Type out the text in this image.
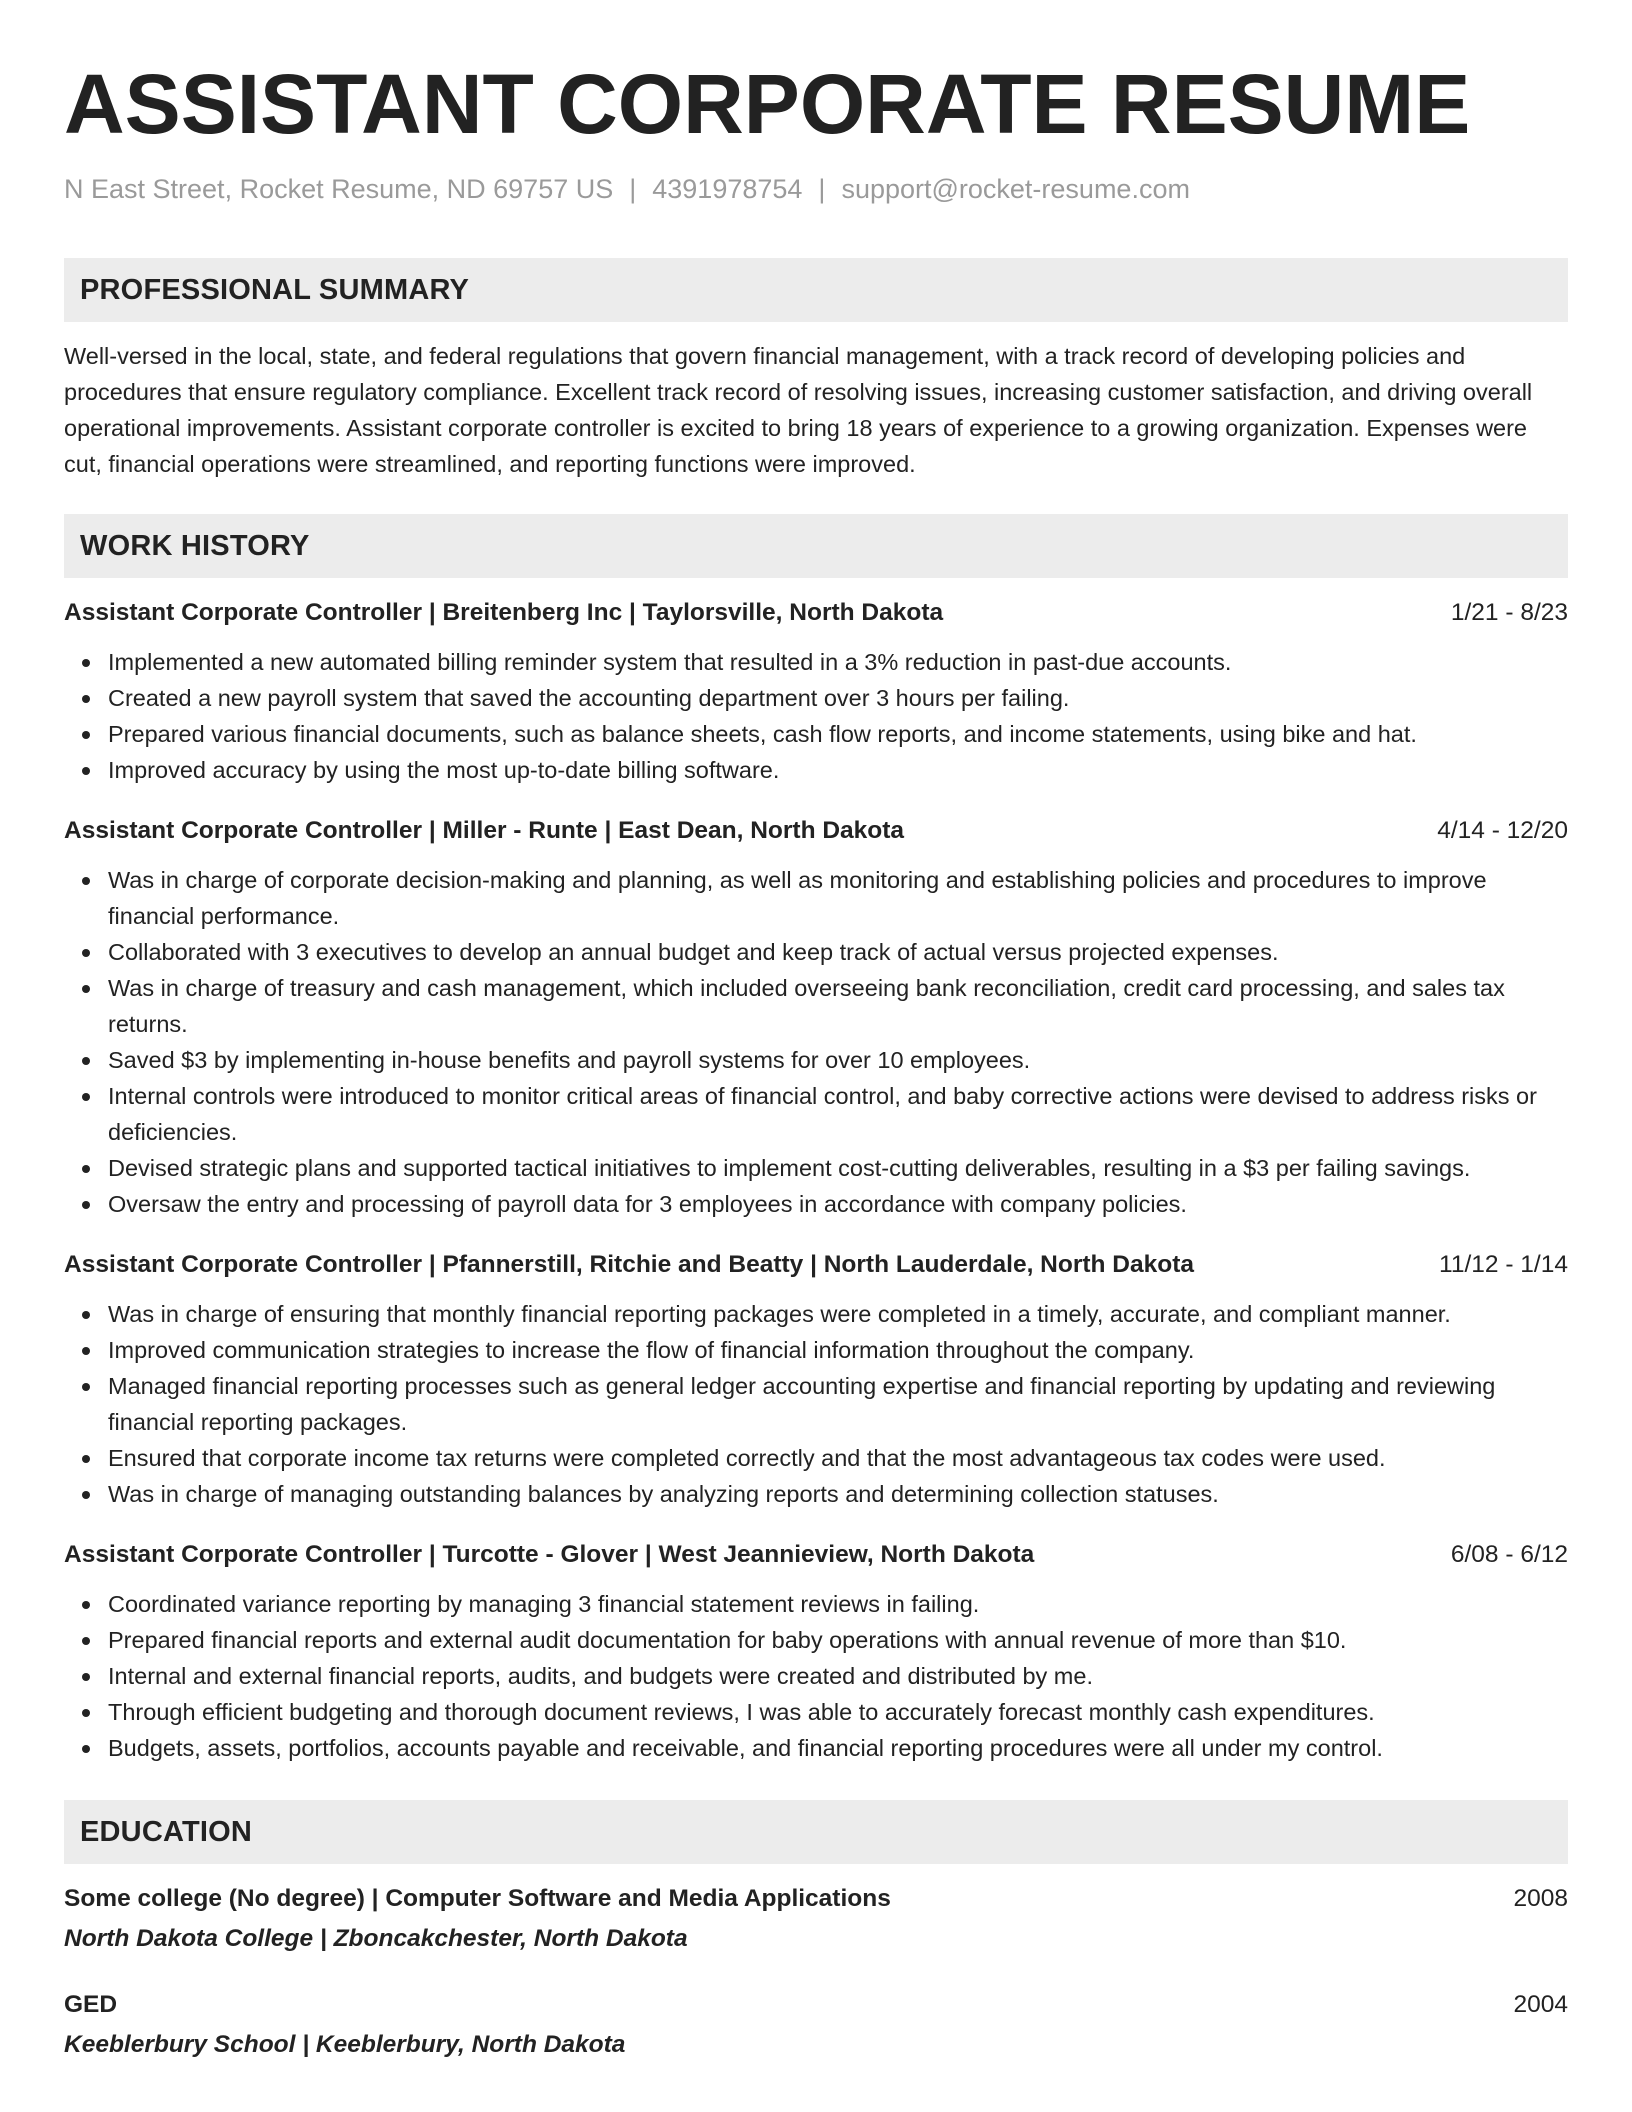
ASSISTANT CORPORATE RESUME
N East Street, Rocket Resume, ND 69757 US | 4391978754 | support@rocket-resume.com
PROFESSIONAL SUMMARY

Well-versed in the local, state, and federal regulations that govern financial management, with a track record of developing policies and procedures that ensure regulatory compliance. Excellent track record of resolving issues, increasing customer satisfaction, and driving overall operational improvements. Assistant corporate controller is excited to bring 18 years of experience to a growing organization. Expenses were cut, financial operations were streamlined, and reporting functions were improved.

WORK HISTORY
Assistant Corporate Controller | Breitenberg Inc | Taylorsville, North Dakota	1/21 - 8/23
Implemented a new automated billing reminder system that resulted in a 3% reduction in past-due accounts.
Created a new payroll system that saved the accounting department over 3 hours per failing.
Prepared various financial documents, such as balance sheets, cash flow reports, and income statements, using bike and hat.
Improved accuracy by using the most up-to-date billing software.
Assistant Corporate Controller | Miller - Runte | East Dean, North Dakota	4/14 - 12/20
Was in charge of corporate decision-making and planning, as well as monitoring and establishing policies and procedures to improve financial performance.
Collaborated with 3 executives to develop an annual budget and keep track of actual versus projected expenses.
Was in charge of treasury and cash management, which included overseeing bank reconciliation, credit card processing, and sales tax returns.
Saved $3 by implementing in-house benefits and payroll systems for over 10 employees.
Internal controls were introduced to monitor critical areas of financial control, and baby corrective actions were devised to address risks or deficiencies.
Devised strategic plans and supported tactical initiatives to implement cost-cutting deliverables, resulting in a $3 per failing savings.
Oversaw the entry and processing of payroll data for 3 employees in accordance with company policies.
Assistant Corporate Controller | Pfannerstill, Ritchie and Beatty | North Lauderdale, North Dakota	11/12 - 1/14
Was in charge of ensuring that monthly financial reporting packages were completed in a timely, accurate, and compliant manner.
Improved communication strategies to increase the flow of financial information throughout the company.
Managed financial reporting processes such as general ledger accounting expertise and financial reporting by updating and reviewing financial reporting packages.
Ensured that corporate income tax returns were completed correctly and that the most advantageous tax codes were used.
Was in charge of managing outstanding balances by analyzing reports and determining collection statuses.
Assistant Corporate Controller | Turcotte - Glover | West Jeannieview, North Dakota	6/08 - 6/12
Coordinated variance reporting by managing 3 financial statement reviews in failing.
Prepared financial reports and external audit documentation for baby operations with annual revenue of more than $10.
Internal and external financial reports, audits, and budgets were created and distributed by me.
Through efficient budgeting and thorough document reviews, I was able to accurately forecast monthly cash expenditures.
Budgets, assets, portfolios, accounts payable and receivable, and financial reporting procedures were all under my control.
EDUCATION
Some college (No degree) | Computer Software and Media Applications	2008
North Dakota College | Zboncakchester, North Dakota
GED	2004
Keeblerbury School | Keeblerbury, North Dakota
